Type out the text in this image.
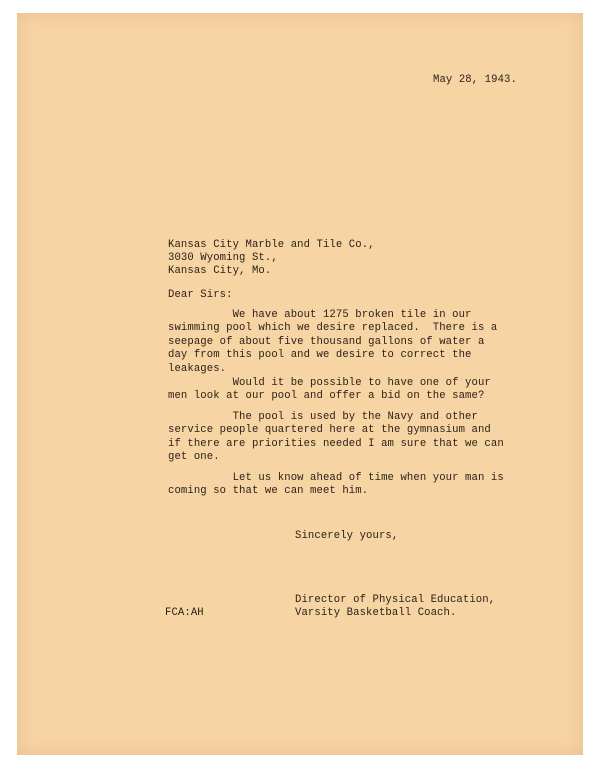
May 28, 1943.
Kansas City Marble and Tile Co.,
3030 Wyoming St.,
Kansas City, Mo.
Dear Sirs:
We have about 1275 broken tile in our
swimming pool which we desire replaced.  There is a
seepage of about five thousand gallons of water a
day from this pool and we desire to correct the
leakages.
Would it be possible to have one of your
men look at our pool and offer a bid on the same?
The pool is used by the Navy and other
service people quartered here at the gymnasium and
if there are priorities needed I am sure that we can
get one.
Let us know ahead of time when your man is
coming so that we can meet him.
Sincerely yours,
Director of Physical Education,
Varsity Basketball Coach.
FCA:AH
